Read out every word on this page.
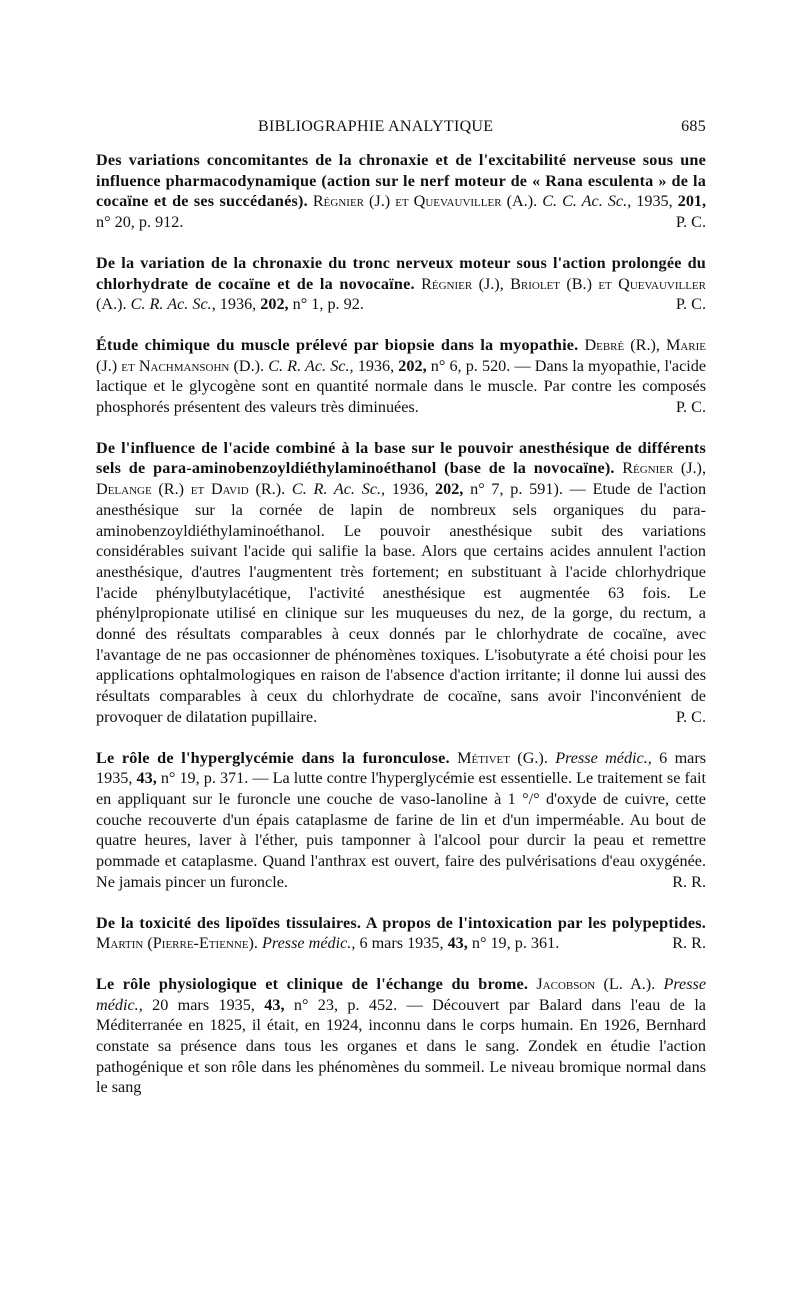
BIBLIOGRAPHIE ANALYTIQUE	685

Des variations concomitantes de la chronaxie et de l'excitabilité nerveuse sous une influence pharmacodynamique (action sur le nerf moteur de « Rana esculenta » de la cocaïne et de ses succédanés). Régnier (J.) et Quevauviller (A.). C. C. Ac. Sc., 1935, 201, n° 20, p. 912.	P. C.

De la variation de la chronaxie du tronc nerveux moteur sous l'action prolongée du chlorhydrate de cocaïne et de la novocaïne. Régnier (J.), Briolet (B.) et Quevauviller (A.). C. R. Ac. Sc., 1936, 202, n° 1, p. 92.	P. C.

Étude chimique du muscle prélevé par biopsie dans la myopathie. Debré (R.), Marie (J.) et Nachmansohn (D.). C. R. Ac. Sc., 1936, 202, n° 6, p. 520. — Dans la myopathie, l'acide lactique et le glycogène sont en quantité normale dans le muscle. Par contre les composés phosphorés présentent des valeurs très diminuées.	P. C.

De l'influence de l'acide combiné à la base sur le pouvoir anesthésique de différents sels de para-aminobenzoyldiéthylaminoéthanol (base de la novocaïne). Régnier (J.), Delange (R.) et David (R.). C. R. Ac. Sc., 1936, 202, n° 7, p. 591). — Etude de l'action anesthésique sur la cornée de lapin de nombreux sels organiques du para-aminobenzoyldiéthylaminoéthanol. Le pouvoir anesthésique subit des variations considérables suivant l'acide qui salifie la base. Alors que certains acides annulent l'action anesthésique, d'autres l'augmentent très fortement; en substituant à l'acide chlorhydrique l'acide phénylbutylacétique, l'activité anesthésique est augmentée 63 fois. Le phénylpropionate utilisé en clinique sur les muqueuses du nez, de la gorge, du rectum, a donné des résultats comparables à ceux donnés par le chlorhydrate de cocaïne, avec l'avantage de ne pas occasionner de phénomènes toxiques. L'isobutyrate a été choisi pour les applications ophtalmologiques en raison de l'absence d'action irritante; il donne lui aussi des résultats comparables à ceux du chlorhydrate de cocaïne, sans avoir l'inconvénient de provoquer de dilatation pupillaire.	P. C.

Le rôle de l'hyperglycémie dans la furonculose. Métivet (G.). Presse médic., 6 mars 1935, 43, n° 19, p. 371. — La lutte contre l'hyperglycémie est essentielle. Le traitement se fait en appliquant sur le furoncle une couche de vaso-lanoline à 1 °/° d'oxyde de cuivre, cette couche recouverte d'un épais cataplasme de farine de lin et d'un imperméable. Au bout de quatre heures, laver à l'éther, puis tamponner à l'alcool pour durcir la peau et remettre pommade et cataplasme. Quand l'anthrax est ouvert, faire des pulvérisations d'eau oxygénée. Ne jamais pincer un furoncle.	R. R.

De la toxicité des lipoïdes tissulaires. A propos de l'intoxication par les polypeptides. Martin (Pierre-Etienne). Presse médic., 6 mars 1935, 43, n° 19, p. 361.	R. R.

Le rôle physiologique et clinique de l'échange du brome. Jacobson (L. A.). Presse médic., 20 mars 1935, 43, n° 23, p. 452. — Découvert par Balard dans l'eau de la Méditerranée en 1825, il était, en 1924, inconnu dans le corps humain. En 1926, Bernhard constate sa présence dans tous les organes et dans le sang. Zondek en étudie l'action pathogénique et son rôle dans les phénomènes du sommeil. Le niveau bromique normal dans le sang
